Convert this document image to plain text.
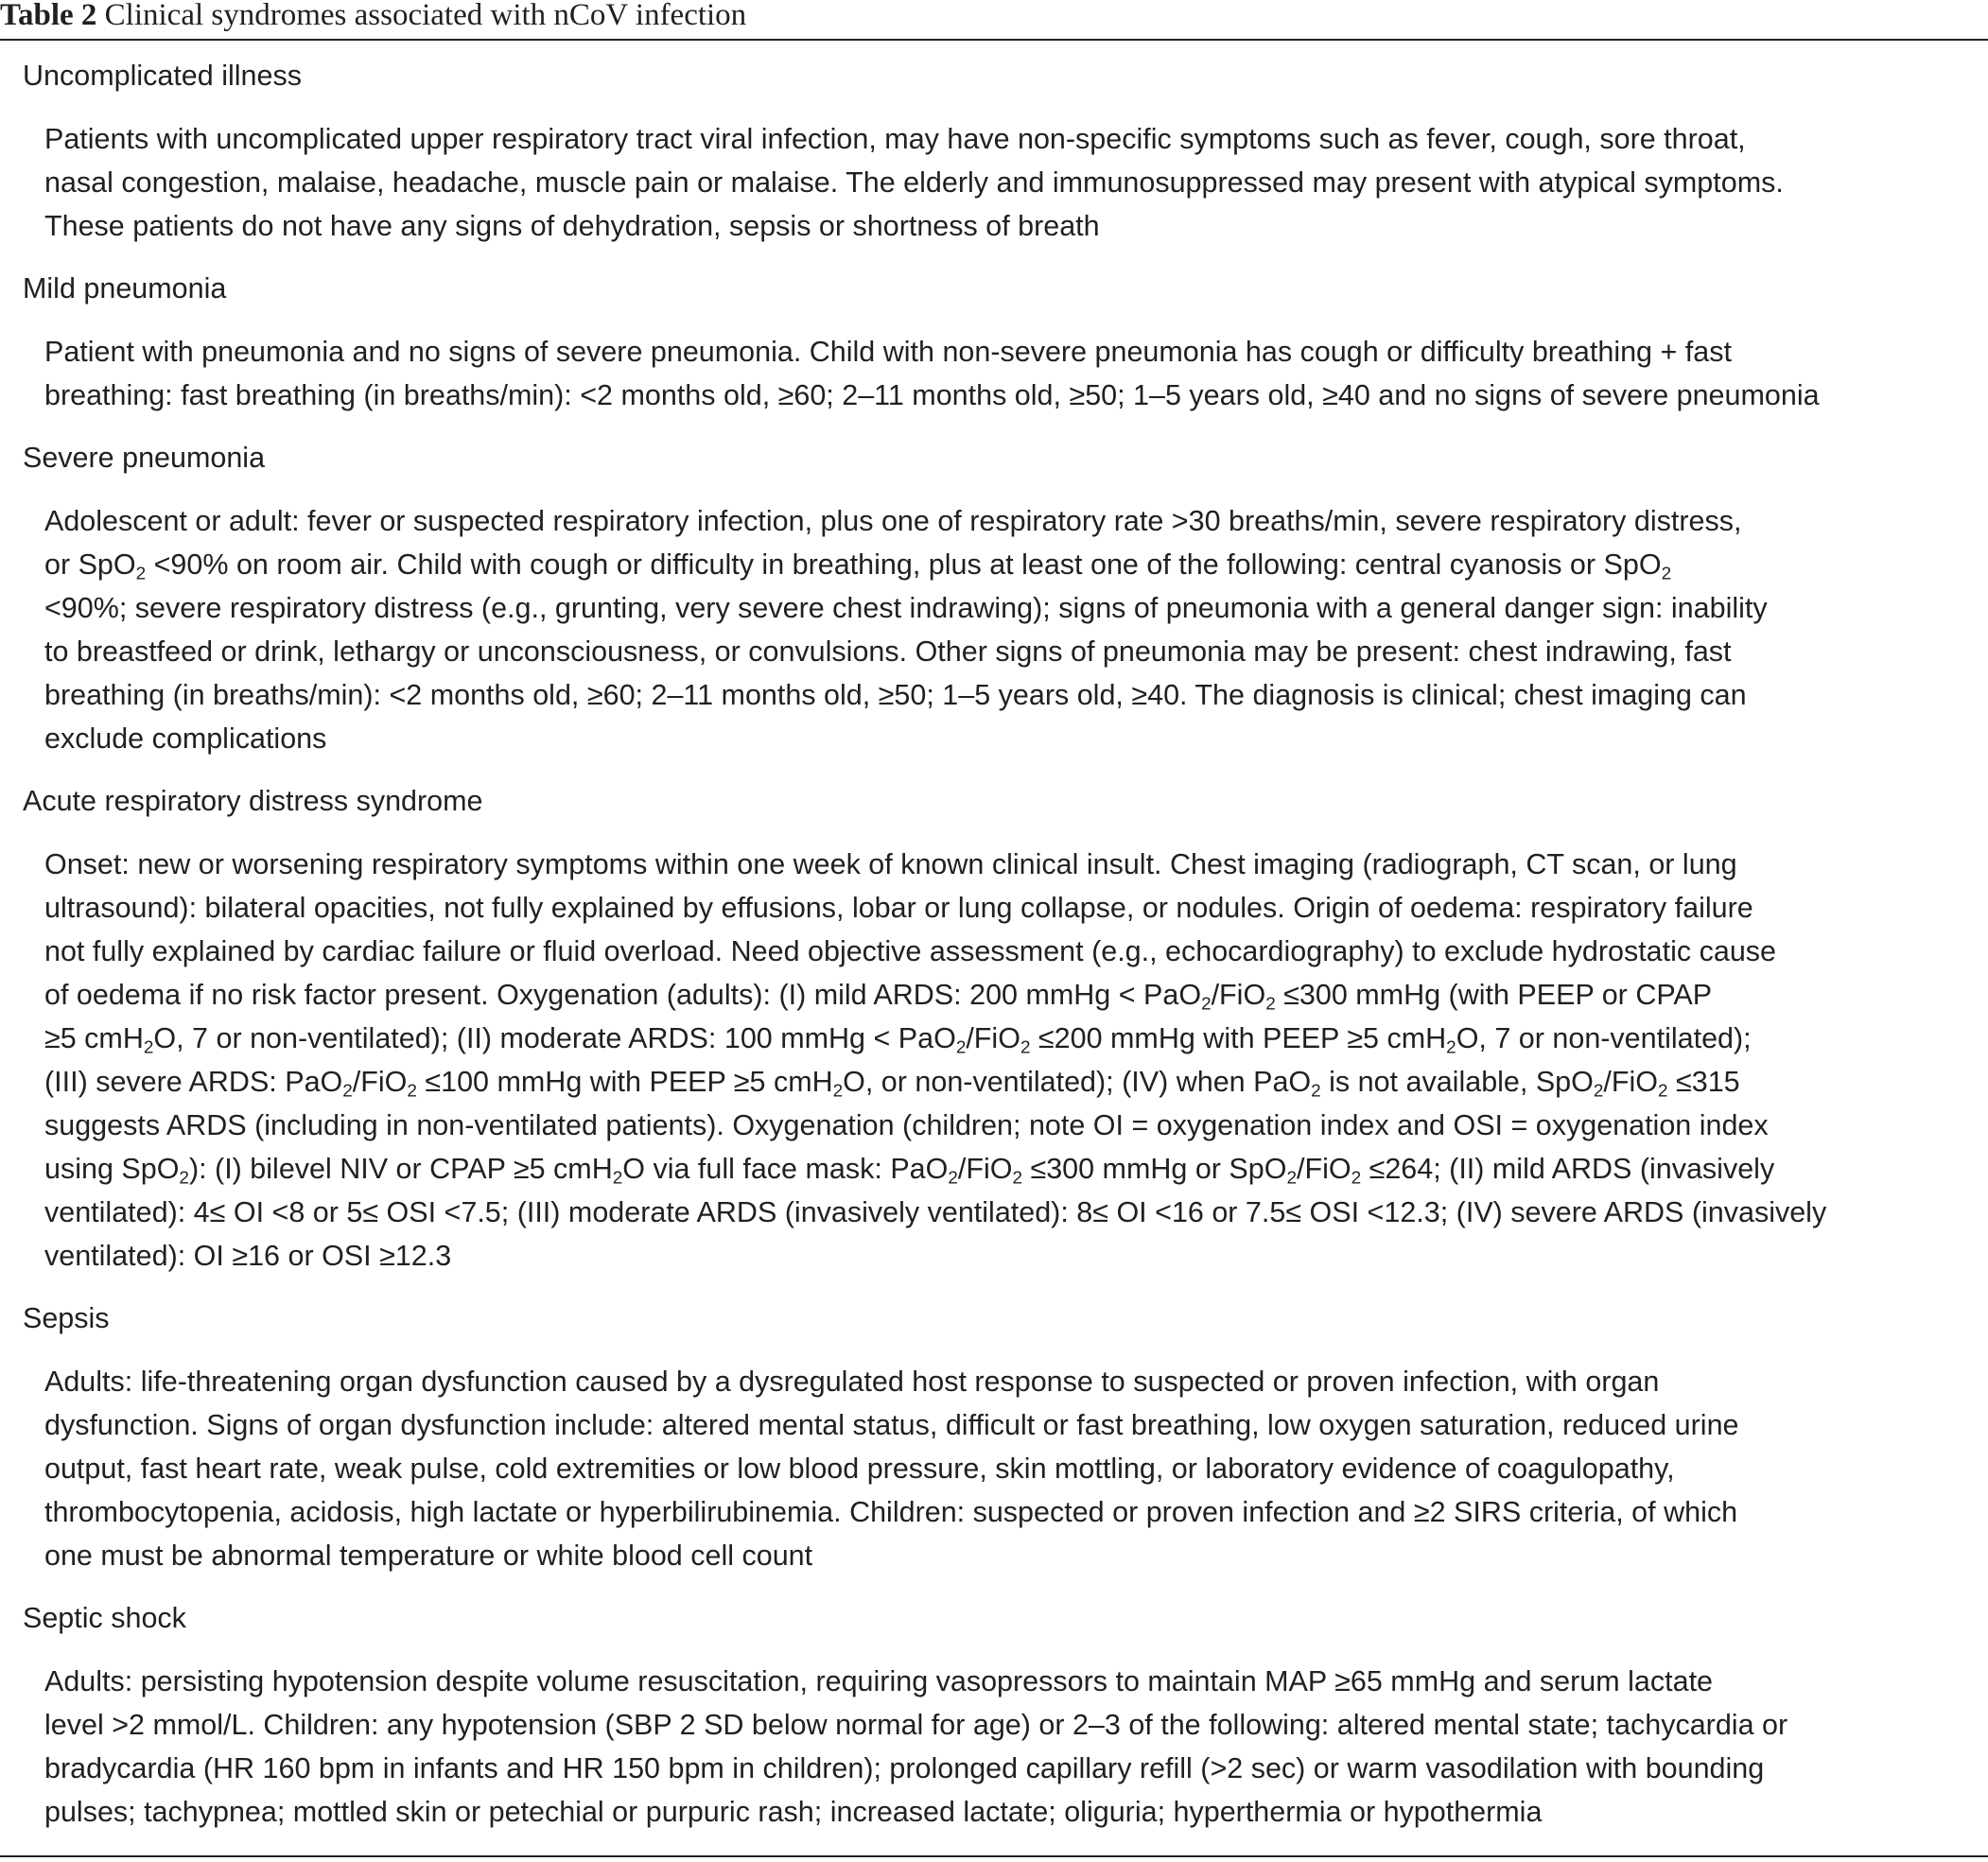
Table 2 Clinical syndromes associated with nCoV infection
Uncomplicated illness
Patients with uncomplicated upper respiratory tract viral infection, may have non-specific symptoms such as fever, cough, sore throat,
nasal congestion, malaise, headache, muscle pain or malaise. The elderly and immunosuppressed may present with atypical symptoms.
These patients do not have any signs of dehydration, sepsis or shortness of breath
Mild pneumonia
Patient with pneumonia and no signs of severe pneumonia. Child with non-severe pneumonia has cough or difficulty breathing + fast
breathing: fast breathing (in breaths/min): <2 months old, ≥60; 2–11 months old, ≥50; 1–5 years old, ≥40 and no signs of severe pneumonia
Severe pneumonia
Adolescent or adult: fever or suspected respiratory infection, plus one of respiratory rate >30 breaths/min, severe respiratory distress,
or SpO$_2$ <90% on room air. Child with cough or difficulty in breathing, plus at least one of the following: central cyanosis or SpO$_2$
<90%; severe respiratory distress (e.g., grunting, very severe chest indrawing); signs of pneumonia with a general danger sign: inability
to breastfeed or drink, lethargy or unconsciousness, or convulsions. Other signs of pneumonia may be present: chest indrawing, fast
breathing (in breaths/min): <2 months old, ≥60; 2–11 months old, ≥50; 1–5 years old, ≥40. The diagnosis is clinical; chest imaging can
exclude complications
Acute respiratory distress syndrome
Onset: new or worsening respiratory symptoms within one week of known clinical insult. Chest imaging (radiograph, CT scan, or lung
ultrasound): bilateral opacities, not fully explained by effusions, lobar or lung collapse, or nodules. Origin of oedema: respiratory failure
not fully explained by cardiac failure or fluid overload. Need objective assessment (e.g., echocardiography) to exclude hydrostatic cause
of oedema if no risk factor present. Oxygenation (adults): (I) mild ARDS: 200 mmHg < PaO$_2$/FiO$_2$ ≤300 mmHg (with PEEP or CPAP
≥5 cmH$_2$O, 7 or non-ventilated); (II) moderate ARDS: 100 mmHg < PaO$_2$/FiO$_2$ ≤200 mmHg with PEEP ≥5 cmH$_2$O, 7 or non-ventilated);
(III) severe ARDS: PaO$_2$/FiO$_2$ ≤100 mmHg with PEEP ≥5 cmH$_2$O, or non-ventilated); (IV) when PaO$_2$ is not available, SpO$_2$/FiO$_2$ ≤315
suggests ARDS (including in non-ventilated patients). Oxygenation (children; note OI = oxygenation index and OSI = oxygenation index
using SpO$_2$): (I) bilevel NIV or CPAP ≥5 cmH$_2$O via full face mask: PaO$_2$/FiO$_2$ ≤300 mmHg or SpO$_2$/FiO$_2$ ≤264; (II) mild ARDS (invasively
ventilated): 4≤ OI <8 or 5≤ OSI <7.5; (III) moderate ARDS (invasively ventilated): 8≤ OI <16 or 7.5≤ OSI <12.3; (IV) severe ARDS (invasively
ventilated): OI ≥16 or OSI ≥12.3
Sepsis
Adults: life-threatening organ dysfunction caused by a dysregulated host response to suspected or proven infection, with organ
dysfunction. Signs of organ dysfunction include: altered mental status, difficult or fast breathing, low oxygen saturation, reduced urine
output, fast heart rate, weak pulse, cold extremities or low blood pressure, skin mottling, or laboratory evidence of coagulopathy,
thrombocytopenia, acidosis, high lactate or hyperbilirubinemia. Children: suspected or proven infection and ≥2 SIRS criteria, of which
one must be abnormal temperature or white blood cell count
Septic shock
Adults: persisting hypotension despite volume resuscitation, requiring vasopressors to maintain MAP ≥65 mmHg and serum lactate
level >2 mmol/L. Children: any hypotension (SBP 2 SD below normal for age) or 2–3 of the following: altered mental state; tachycardia or
bradycardia (HR 160 bpm in infants and HR 150 bpm in children); prolonged capillary refill (>2 sec) or warm vasodilation with bounding
pulses; tachypnea; mottled skin or petechial or purpuric rash; increased lactate; oliguria; hyperthermia or hypothermia
